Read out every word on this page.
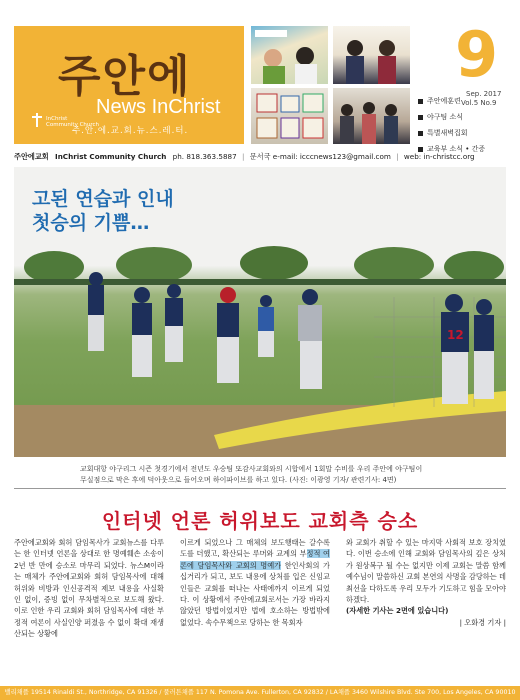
주안에
News InChrist
InChrist
Community Church
주.안.에.교.회.뉴.스.레.터.
9
Sep. 2017
Vol.5 No.9
주안에훈련
야구팀 소식
특별새벽집회
교육부 소식 • 간증
주안에교회 InChrist Community Church ph. 818.363.5887 | 문서국 e-mail: icccnews123@gmail.com | web: in-christcc.org
12
고된 연습과 인내
첫승의 기쁨…
교회대항 야구리그 시즌 첫경기에서 전년도 우승팀 또감사교회와의 시합에서 1회말 수비를 우리 주안에 야구팀이
무실점으로 막은 후에 덕아웃으로 들어오며 하이파이브를 하고 있다. (사진: 이광영 기자/ 관련기사: 4면)
인터넷 언론 허위보도 교회측 승소

주안에교회와 회허 담임목사가 교회뉴스를 다루는 한 인터넷 언론을 상대로 한 명예훼손 소송이 2년 반 만에 승소로 마무리 되었다. 뉴스M이라는 매체가 주안에교회와 회허 담임목사에 대해 허위와 비방과 인신공격적 제보 내용을 사실확인 없이, 증빙 없이 무차별적으로 보도해 왔다. 이로 인한 우리 교회와 회허 담임목사에 대한 부정적 여론이 사실인양 퍼졌음 수 없이 확대 재생산되는 상황에

이르게 되었으나 그 매체의 보도행태는 갈수록 도를 더했고, 확산되는 루머와 교계의 부정적 여론에 담임목사와 교회의 명예가 한인사회의 가십거리가 되고, 보도 내용에 상처를 입은 신임교인들은 교회를 떠나는 사태에까지 이르게 되었다. 이 상황에서 주안에교회로서는 가장 바라지 않았던 방법이었지만 법에 호소하는 방법밖에 없었다. 속수무책으로 당하는 한 목회자

와 교회가 취할 수 있는 마지막 사회적 보호 장치였다. 이번 승소에 인해 교회와 담임목사의 깊은 상처가 원상복구 될 수는 없지만 이제 교회는 말씀 함께 예수님이 말씀하신 교회 본연의 사명을 감당하는 데 최선을 다하도록 우리 모두가 기도하고 힘을 모아야 하겠다.

(자세한 기사는 2면에 있습니다)

| 오화경 기자 |

밸리채플 19514 Rinaldi St., Northridge, CA 91326 / 풀러튼채플 117 N. Pomona Ave. Fullerton, CA 92832 / LA채플 3460 Wilshire Blvd. Ste 700, Los Angeles, CA 90010
